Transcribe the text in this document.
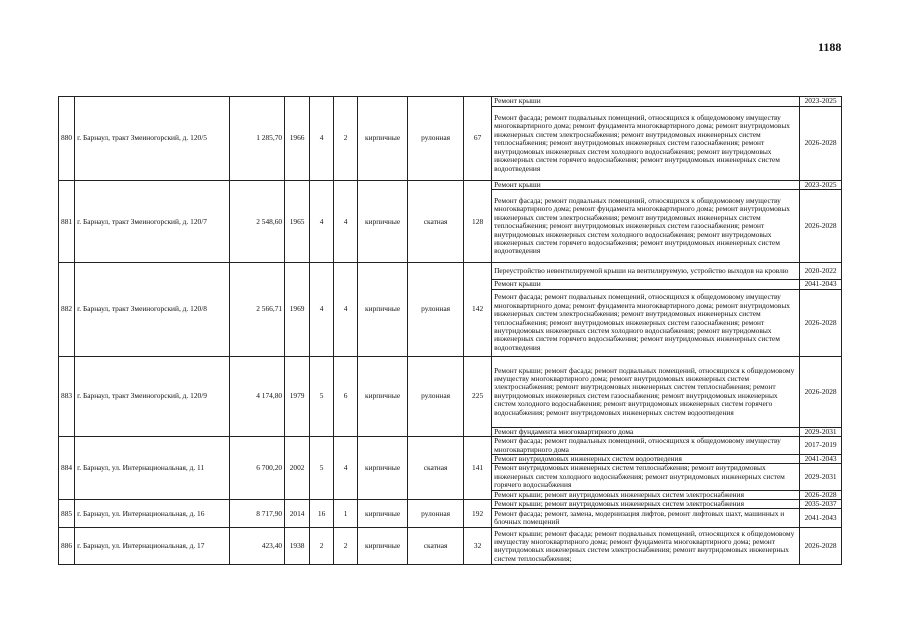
1188
880	г. Барнаул, тракт Змеиногорский, д. 120/5	1 285,70	1966	4	2	кирпичные	рулонная	67	Ремонт крыши	2023-2025
									Ремонт фасада; ремонт подвальных помещений, относящихся к общедомовому имуществу многоквартирного дома; ремонт фундамента многоквартирного дома; ремонт внутридомовых инженерных систем электроснабжения; ремонт внутридомовых инженерных систем теплоснабжения; ремонт внутридомовых инженерных систем газоснабжения; ремонт внутридомовых инженерных систем холодного водоснабжения; ремонт внутридомовых инженерных систем горячего водоснабжения; ремонт внутридомовых инженерных систем водоотведения	2026-2028
881	г. Барнаул, тракт Змеиногорский, д. 120/7	2 548,60	1965	4	4	кирпичные	скатная	128	Ремонт крыши	2023-2025
									Ремонт фасада; ремонт подвальных помещений, относящихся к общедомовому имуществу многоквартирного дома; ремонт фундамента многоквартирного дома; ремонт внутридомовых инженерных систем электроснабжения; ремонт внутридомовых инженерных систем теплоснабжения; ремонт внутридомовых инженерных систем газоснабжения; ремонт внутридомовых инженерных систем холодного водоснабжения; ремонт внутридомовых инженерных систем горячего водоснабжения; ремонт внутридомовых инженерных систем водоотведения	2026-2028
882	г. Барнаул, тракт Змеиногорский, д. 120/8	2 566,71	1969	4	4	кирпичные	рулонная	142	Переустройство невентилируемой крыши на вентилируемую, устройство выходов на кровлю	2020-2022
									Ремонт крыши	2041-2043
									Ремонт фасада; ремонт подвальных помещений, относящихся к общедомовому имуществу многоквартирного дома; ремонт фундамента многоквартирного дома; ремонт внутридомовых инженерных систем электроснабжения; ремонт внутридомовых инженерных систем теплоснабжения; ремонт внутридомовых инженерных систем газоснабжения; ремонт внутридомовых инженерных систем холодного водоснабжения; ремонт внутридомовых инженерных систем горячего водоснабжения; ремонт внутридомовых инженерных систем водоотведения	2026-2028
883	г. Барнаул, тракт Змеиногорский, д. 120/9	4 174,80	1979	5	6	кирпичные	рулонная	225	Ремонт крыши; ремонт фасада; ремонт подвальных помещений, относящихся к общедомовому имуществу многоквартирного дома; ремонт внутридомовых инженерных систем электроснабжения; ремонт внутридомовых инженерных систем теплоснабжения; ремонт внутридомовых инженерных систем газоснабжения; ремонт внутридомовых инженерных систем холодного водоснабжения; ремонт внутридомовых инженерных систем горячего водоснабжения; ремонт внутридомовых инженерных систем водоотведения	2026-2028
									Ремонт фундамента многоквартирного дома	2029-2031
884	г. Барнаул, ул. Интернациональная, д. 11	6 700,20	2002	5	4	кирпичные	скатная	141	Ремонт фасада; ремонт подвальных помещений, относящихся к общедомовому имуществу многоквартирного дома	2017-2019
									Ремонт внутридомовых инженерных систем водоотведения	2041-2043
									Ремонт внутридомовых инженерных систем теплоснабжения; ремонт внутридомовых инженерных систем холодного водоснабжения; ремонт внутридомовых инженерных систем горячего водоснабжения	2029-2031
									Ремонт крыши; ремонт внутридомовых инженерных систем электроснабжения	2026-2028
885	г. Барнаул, ул. Интернациональная, д. 16	8 717,90	2014	16	1	кирпичные	рулонная	192	Ремонт крыши; ремонт внутридомовых инженерных систем электроснабжения	2035-2037
									Ремонт фасада; ремонт, замена, модернизация лифтов, ремонт лифтовых шахт, машинных и блочных помещений	2041-2043
886	г. Барнаул, ул. Интернациональная, д. 17	423,40	1938	2	2	кирпичные	скатная	32	Ремонт крыши; ремонт фасада; ремонт подвальных помещений, относящихся к общедомовому имуществу многоквартирного дома; ремонт фундамента многоквартирного дома; ремонт внутридомовых инженерных систем электроснабжения; ремонт внутридомовых инженерных систем теплоснабжения;	2026-2028
